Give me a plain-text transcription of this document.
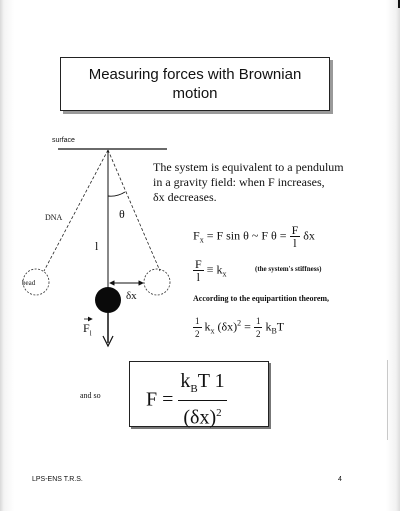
Measuring forces with Brownian
motion
surface
DNA
bead
θ
l
δx
$F_l$
The system is equivalent to a pendulum
in a gravity field: when F increases,
δx decreases.
$F_x = F$ sin θ ~ F $\theta = \frac{F}{l}$ δx
$\frac{F}{l} \equiv k_x$
(the system's stiffness)
According to the equipartition theorem,
$\frac{1}{2} k_x$ $(\delta x)^2 = \frac{1}{2} k_BT$
and so $F = \frac{k_BT 1}{(\delta x)^2}$
LPS-ENS T.R.S.	4
